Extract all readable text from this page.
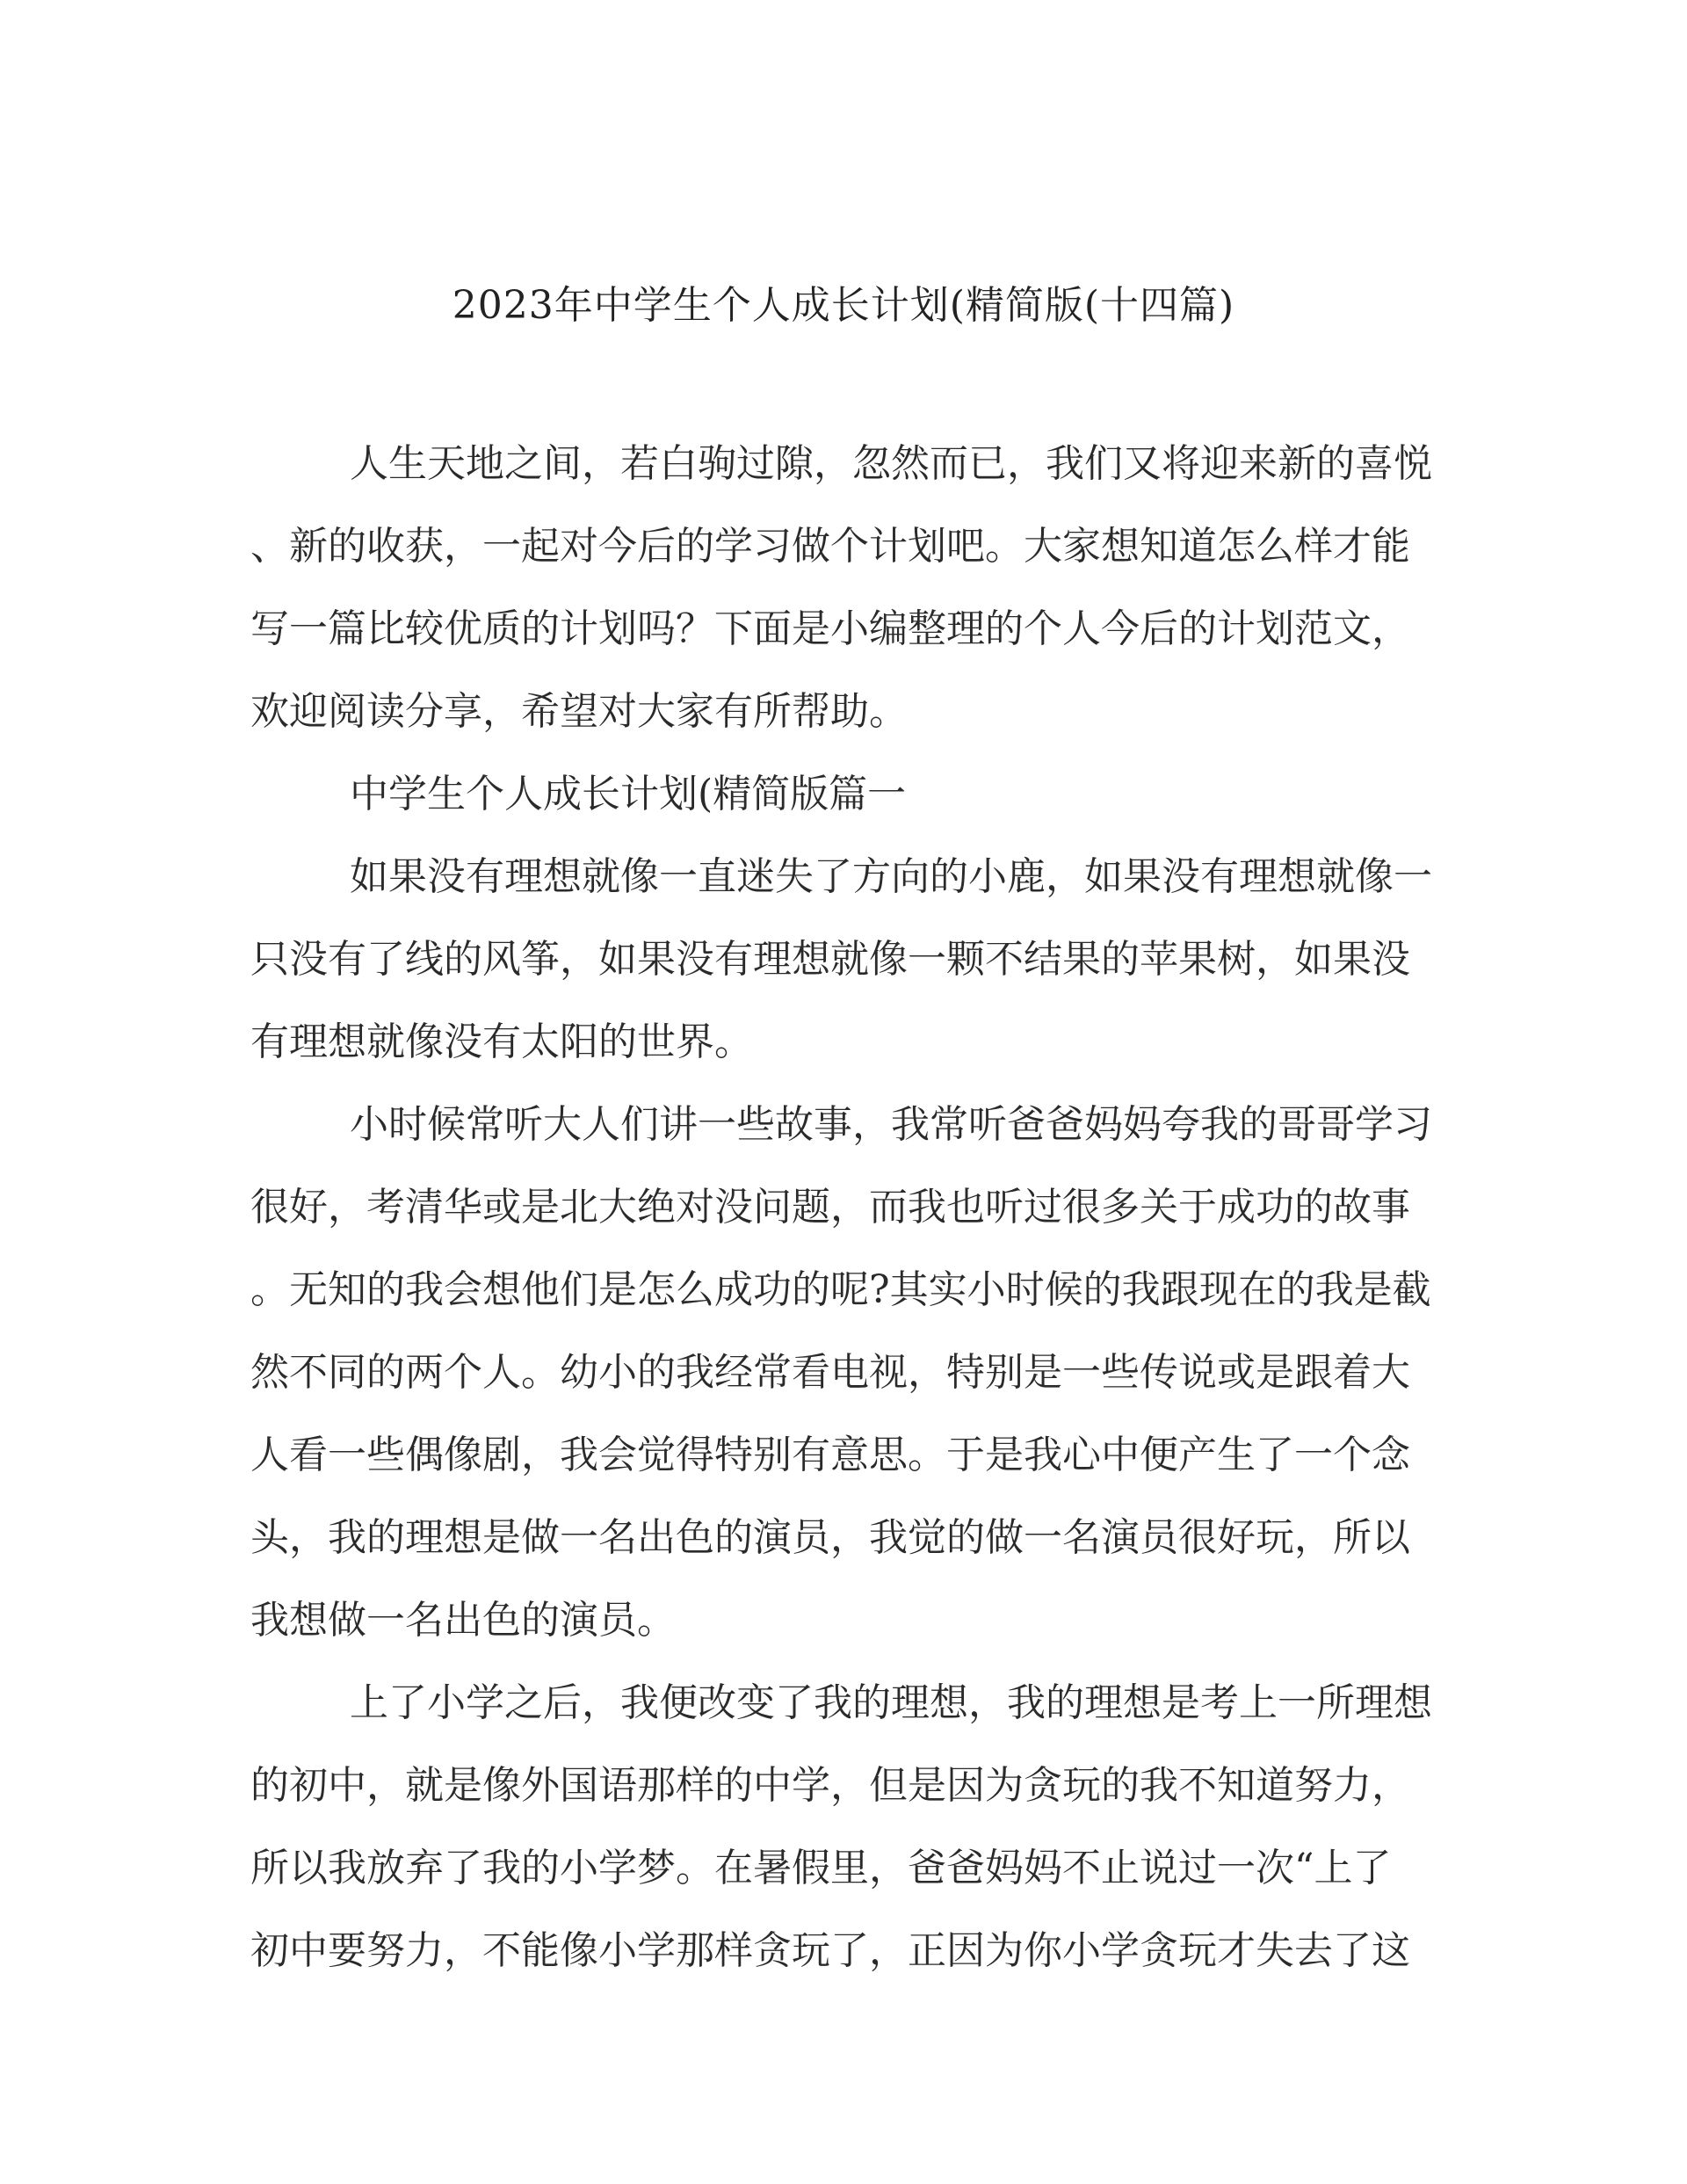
2023年中学生个人成长计划(精简版(十四篇)
人生天地之间，若白驹过隙，忽然而已，我们又将迎来新的喜悦
、新的收获，一起对今后的学习做个计划吧。大家想知道怎么样才能
写一篇比较优质的计划吗？下面是小编整理的个人今后的计划范文，
欢迎阅读分享，希望对大家有所帮助。
中学生个人成长计划(精简版篇一
如果没有理想就像一直迷失了方向的小鹿，如果没有理想就像一
只没有了线的风筝，如果没有理想就像一颗不结果的苹果树，如果没
有理想就像没有太阳的世界。
小时候常听大人们讲一些故事，我常听爸爸妈妈夸我的哥哥学习
很好，考清华或是北大绝对没问题，而我也听过很多关于成功的故事
。无知的我会想他们是怎么成功的呢?其实小时候的我跟现在的我是截
然不同的两个人。幼小的我经常看电视，特别是一些传说或是跟着大
人看一些偶像剧，我会觉得特别有意思。于是我心中便产生了一个念
头，我的理想是做一名出色的演员，我觉的做一名演员很好玩，所以
我想做一名出色的演员。
上了小学之后，我便改变了我的理想，我的理想是考上一所理想
的初中，就是像外国语那样的中学，但是因为贪玩的我不知道努力，
所以我放弃了我的小学梦。在暑假里，爸爸妈妈不止说过一次“上了
初中要努力，不能像小学那样贪玩了，正因为你小学贪玩才失去了这
